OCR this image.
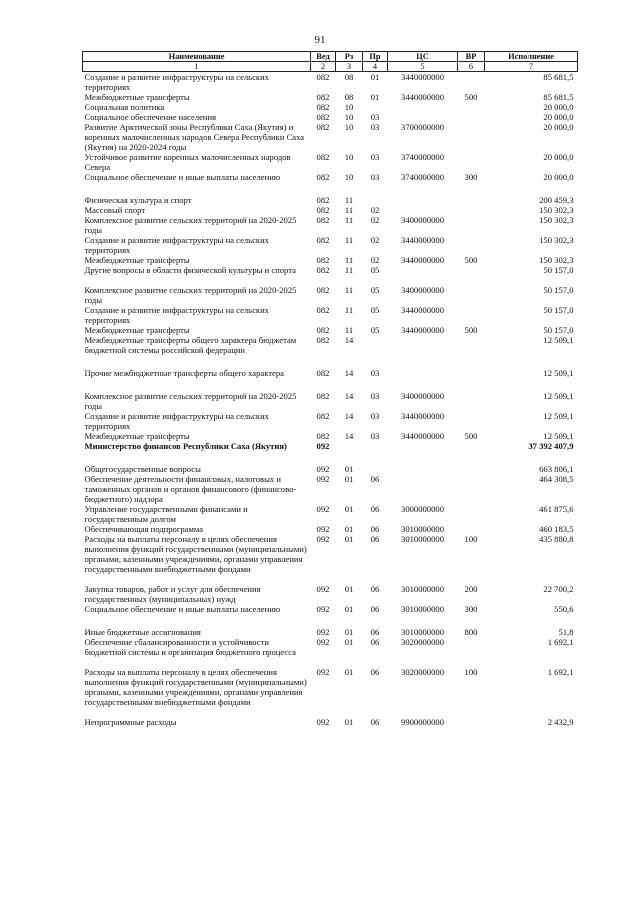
91
Наименование	Вед	Рз	Пр	ЦС	ВР	Исполнение
1	2	3	4	5	6	7
Создание и развитие инфраструктуры на сельских территориях	082	08	01	3440000000		85 681,5
Межбюджетные трансферты	082	08	01	3440000000	500	85 681,5
Социальная политика	082	10				20 000,0
Социальное обеспечение населения	082	10	03			20 000,0
Развитие Арктической зоны Республики Саха (Якутия) и коренных малочисленных народов Севера Республики Саха (Якутия) на 2020-2024 годы	082	10	03	3700000000		20 000,0
Устойчивое развитие коренных малочисленных народов Севера	082	10	03	3740000000		20 000,0
Социальное обеспечение и иные выплаты населению	082	10	03	3740000000	300	20 000,0

Физическая культура и спорт	082	11				200 459,3
Массовый спорт	082	11	02			150 302,3
Комплексное развитие сельских территорий на 2020-2025 годы	082	11	02	3400000000		150 302,3
Создание и развитие инфраструктуры на сельских территориях	082	11	02	3440000000		150 302,3
Межбюджетные трансферты	082	11	02	3440000000	500	150 302,3
Другие вопросы в области физической культуры и спорта	082	11	05			50 157,0
Комплексное развитие сельских территорий на 2020-2025 годы	082	11	05	3400000000		50 157,0
Создание и развитие инфраструктуры на сельских территориях	082	11	05	3440000000		50 157,0
Межбюджетные трансферты	082	11	05	3440000000	500	50 157,0
Межбюджетные трансферты общего характера бюджетам бюджетной системы российской федерации	082	14				12 509,1

Прочие межбюджетные трансферты общего характера	082	14	03			12 509,1

Комплексное развитие сельских территорий на 2020-2025 годы	082	14	03	3400000000		12 509,1
Создание и развитие инфраструктуры на сельских территориях	082	14	03	3440000000		12 509,1
Межбюджетные трансферты	082	14	03	3440000000	500	12 509,1
Министерство финансов Республики Саха (Якутия)	092					37 392 407,9

Общегосударственные вопросы	092	01				663 806,1
Обеспечение деятельности финансовых, налоговых и таможенных органов и органов финансового (финансово-бюджетного) надзора	092	01	06			464 308,5
Управление государственными финансами и государственным долгом	092	01	06	3000000000		461 875,6
Обеспечивающая подпрограмма	092	01	06	3010000000		460 183,5
Расходы на выплаты персоналу в целях обеспечения выполнения функций государственными (муниципальными) органами, казенными учреждениями, органами управления государственными внебюджетными фондами	092	01	06	3010000000	100	435 880,8
Закупка товаров, работ и услуг для обеспечения государственных (муниципальных) нужд	092	01	06	3010000000	200	22 700,2
Социальное обеспечение и иные выплаты населению	092	01	06	3010000000	300	550,6

Иные бюджетные ассигнования	092	01	06	3010000000	800	51,8
Обеспечение сбалансированности и устойчивости бюджетной системы и организация бюджетного процесса	092	01	06	3020000000		1 692,1
Расходы на выплаты персоналу в целях обеспечения выполнения функций государственными (муниципальными) органами, казенными учреждениями, органами управления государственными внебюджетными фондами	092	01	06	3020000000	100	1 692,1
Непрограммные расходы	092	01	06	9900000000		2 432,9
